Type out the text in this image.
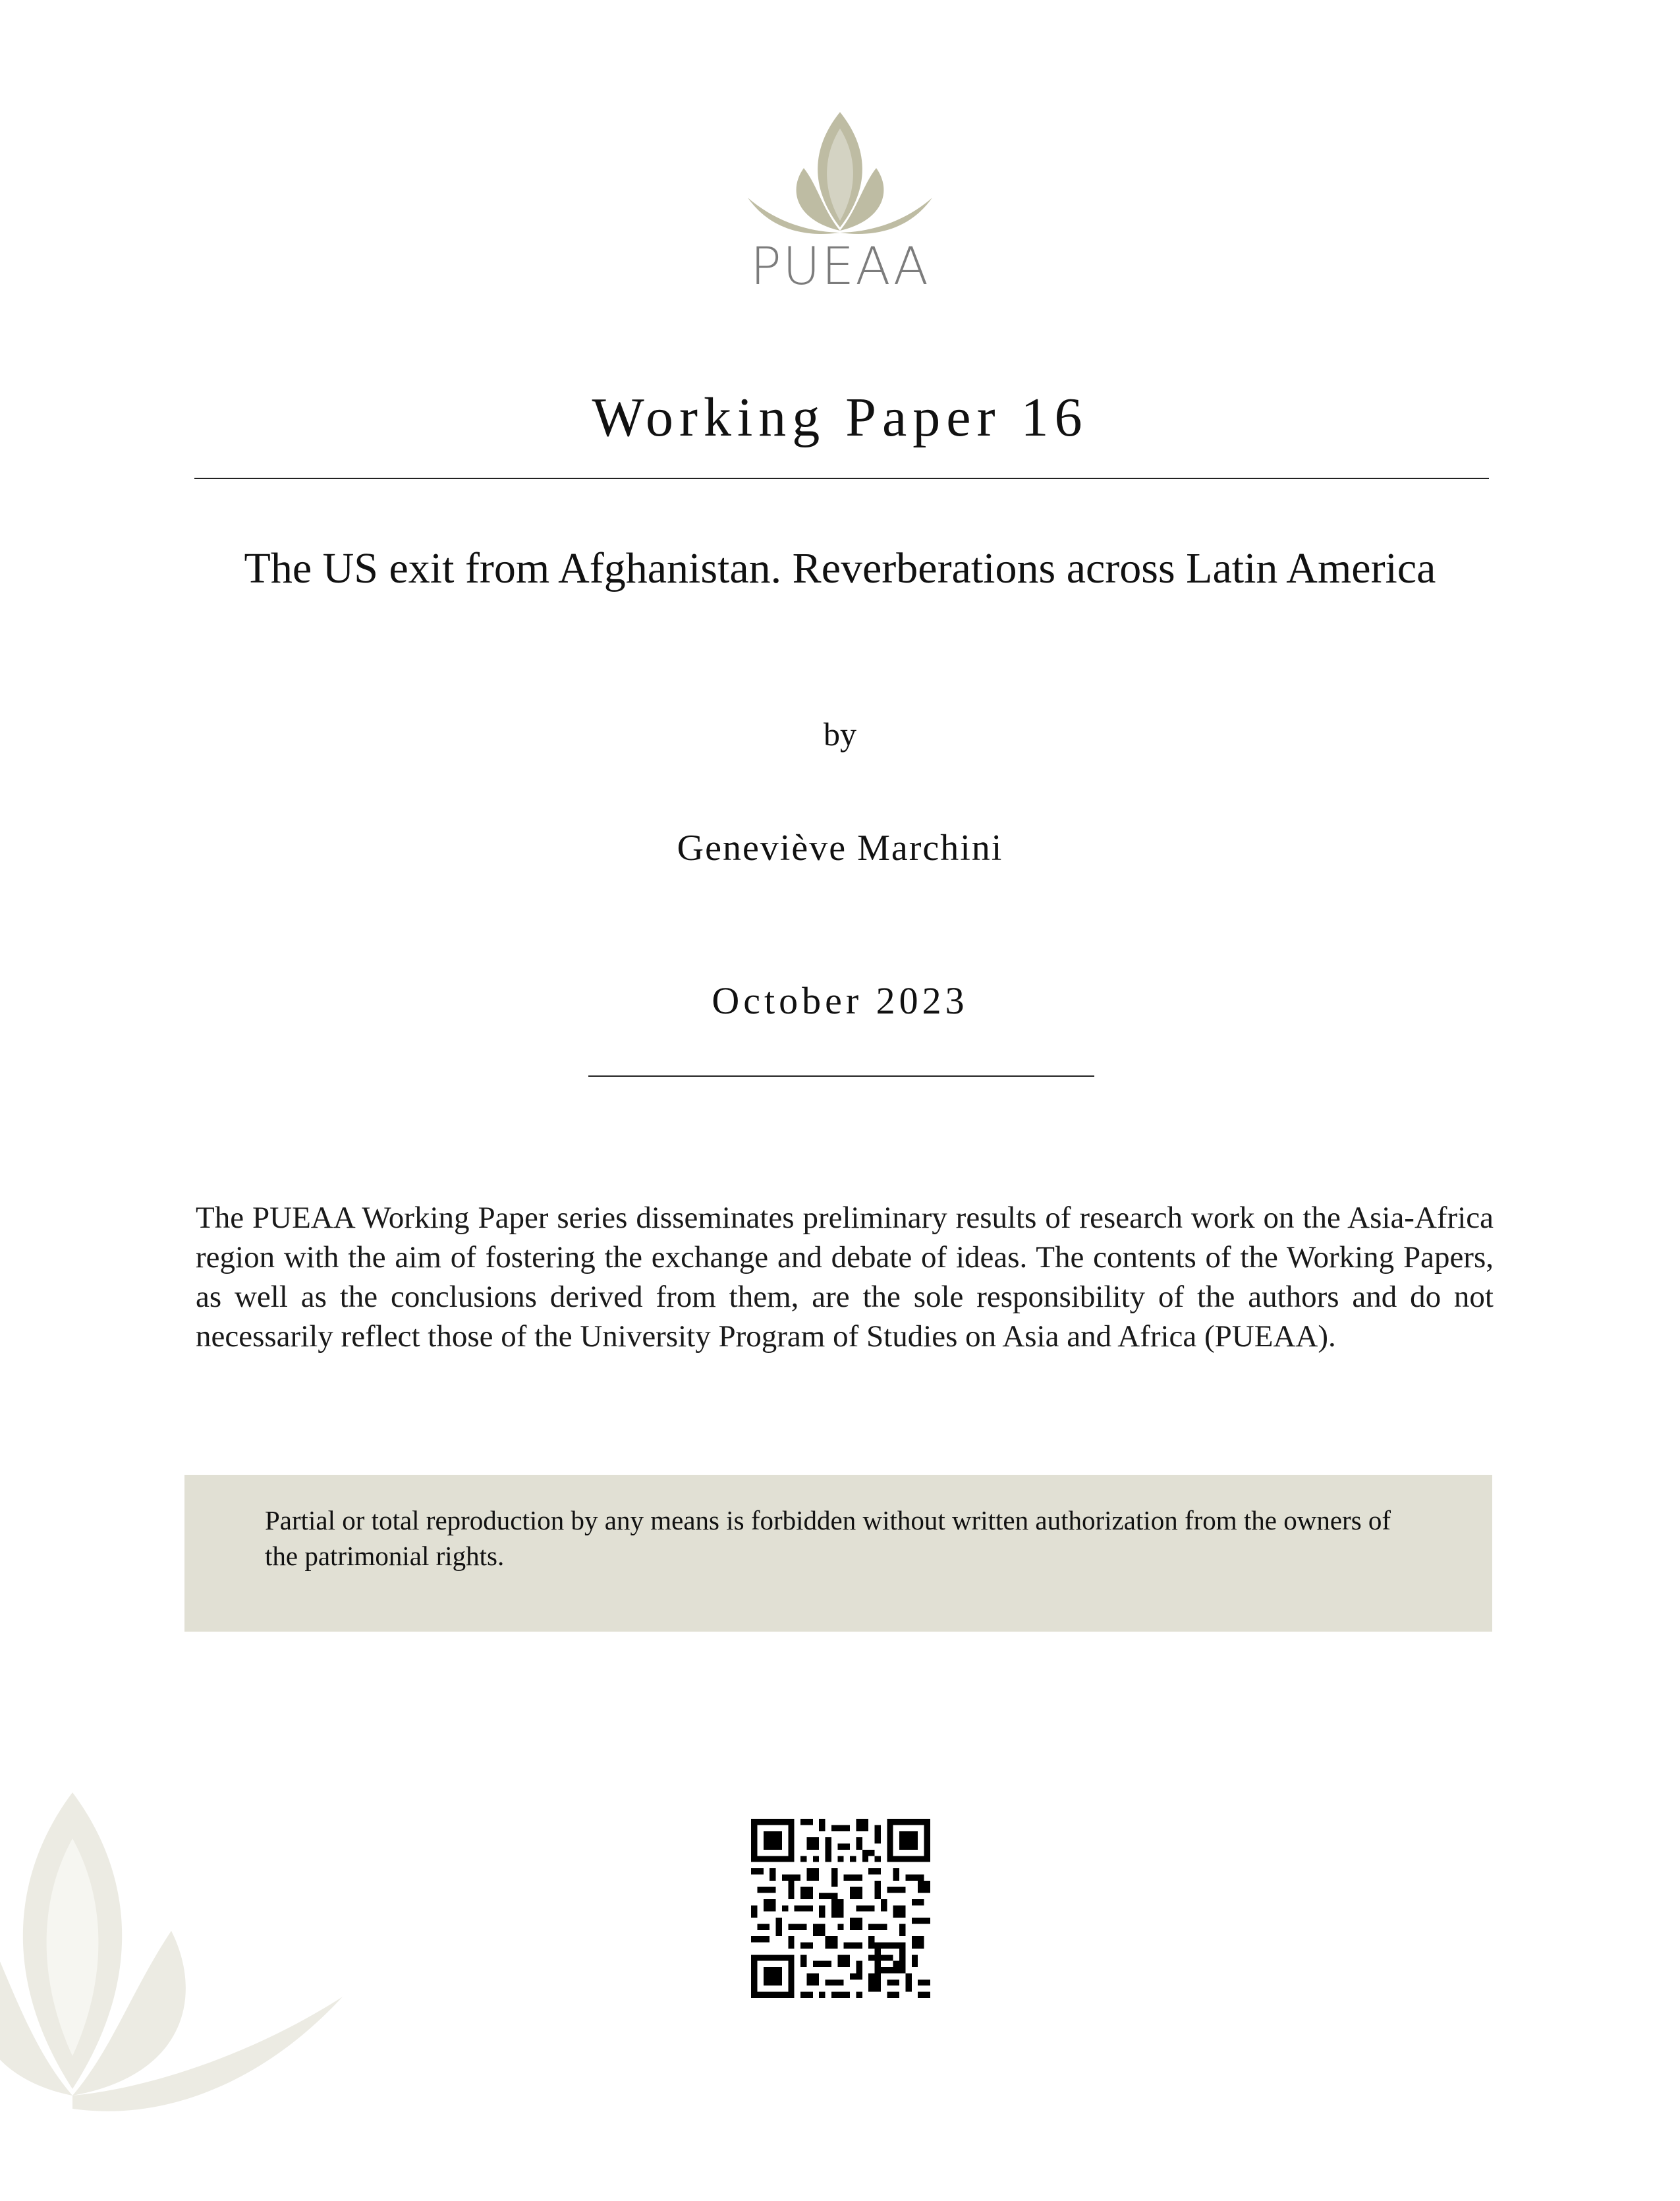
PUEAA
Working Paper 16
The US exit from Afghanistan. Reverberations across Latin America
by
Geneviève Marchini
October 2023
The PUEAA Working Paper series disseminates preliminary results of research work on the Asia-Africa region with the aim of fostering the exchange and debate of ideas. The contents of the Working Papers, as well as the conclusions derived from them, are the sole responsibility of the authors and do not necessarily reflect those of the University Program of Studies on Asia and Africa (PUEAA).
Partial or total reproduction by any means is forbidden without written authorization from the owners of the patrimonial rights.
